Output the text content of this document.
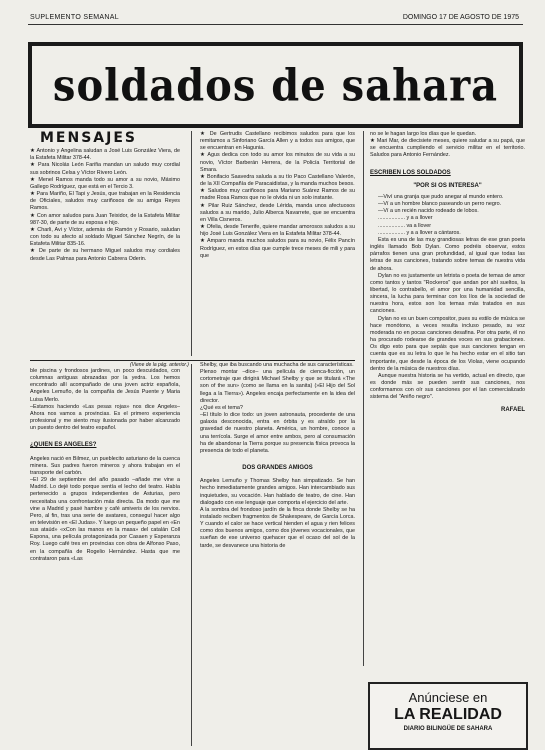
SUPLEMENTO SEMANAL	DOMINGO 17 DE AGOSTO DE 1975
soldados de sahara
MENSAJES

★ Antonio y Angelina saludan a José Luis González Viera, de la Estafeta Militar 378-44.

★ Para Nicolás León Farifia mandan un saludo muy cordial sus sobrinos Celsa y Víctor Rivero León.

★ Menel Ramos manda todo su amor a su novio, Máximo Gallego Rodríguez, que está en el Tercio 3.

★ Para Mariño, El Tapi y Jesús, que trabajan en la Residencia de Oficiales, saludos muy cariñosos de su amiga Reyes Ramos.

★ Con amor saludos para Juan Teixidor, de la Estafeta Militar 987-30, de parte de su esposa e hijo.

★ Charli, Avi y Víctor, además de Ramón y Rosario, saludan con todo su afecto al soldado Miguel Sánchez Negrín, de la Estafeta Militar 835-16.

★ De parte de su hermano Miguel saludos muy cordiales desde Las Palmas para Antonio Cabrera Oderin.

★ De Gertrudis Castellano recibimos saludos para que los remitamos a Sinforiano García Allen y a todos sus amigos, que se encuentran en Hagunia.

★ Agus dedica con todo su amor los minutos de su vida a su novio, Víctor Barberán Herrera, de la Policía Territorial de Smara.

★ Bonifacio Saavedra saluda a su tío Paco Castellano Valerón, de la XII Compañía de Paracaidistas, y la manda muchos besos.

★ Saludos muy cariñosos para Mariano Suárez Ramos de su madre Rosa Ramos que no le olvida ni un solo instante.

★ Pilar Ruiz Sánchez, desde Lérida, manda unos afectuosos saludos a su marido, Julio Alberca Navarrete, que se encuentra en Villa Cisneros.

★ Ofelia, desde Tenerife, quiere mandar amorosos saludos a su hijo José Luis González Viera en la Estafeta Militar 378-44.

★ Amparo manda muchos saludos para su novio, Félix Pancín Rodríguez, en estos días que cumple trece meses de mili y para que

no se le hagan largo los días que le quedan.

★ Mari Mar, de diecisiete meses, quiere saludar a su papá, que se encuentra cumpliendo el servicio militar en el territorio. Saludos para Antonio Fernández.

ESCRIBEN LOS SOLDADOS
"POR SI OS INTERESA"

—Viví una granja que pudo anegar al mundo entero.

—Ví a un hombre blanco paseando un perro negro.

—Ví a un recién nacido rodeado de lobos.

.................. y a a llover

.................. va a llover

.................. y a a llover a cántaros.

Esta es una de las muy grandiosas letras de ese gran poeta inglés llamado Bob Dylan. Como podréis observar, estos párrafos tienen una gran profundidad, al igual que todas las letras de sus canciones, tratando sobre temas de nuestra vida de ahora.

Dylan no es justamente un letrista o poeta de temas de amor como tantos y tantos "Rockeros" que andan por ahí sueltos, la libertad, lo contrabello, el amor por una humanidad sencilla, sincera, la lucha para terminar con los líos de la sociedad de nuestra hora, estos son los temas más tratados en sus canciones.

Dylan no es un buen compositor, pues su estilo de música se hace monótono, a veces resulta incluso pesado, su voz moderada no en pocas canciones desafina. Por otra parte, él no ha procurado rodearse de grandes voces en sus grabaciones. Os digo esto para que sepáis que sus canciones tengan en cuenta que es su letra lo que le ha hecho estar en el sitio tan importante, que desde la época de los Violas, viene ocupando dentro de la música de nuestros días.

Aunque nuestra historia se ha vertido, actual en directo, que es donde más se pueden sentir sus canciones, nos conformamos con oír sus canciones por el lan comercializado sistema del "Aniño negro".

RAFAEL
(Viene de la pág. anterior.)

ble piscina y frondosos jardines, un poco descuidados, con columnas antiguas abrazadas por la yedra. Los hemos encontrado allí acompañado de una joven actriz española, Angeles Lemuño, de la compañía de Jesús Puente y Maria Luisa Merlo.

–Estamos haciendo «Las pesas rojas» nos dice Angeles– Ahora nos vamos a provincias. Es el primero experiencia profesional y me siento muy ilusionada por haber alcanzado un puesto dentro del teatro español.

¿QUIEN ES ANGELES?

Angeles nació en Bilmez, un pueblecito asturiano de la cuenca minera. Sus padres fueron mineros y ahora trabajan en el transporte del carbón.

–El 29 de septiembre del año pasado –añade me vine a Madrid. Lo dejé todo porque sentía el lecho del teatro. Había pertenecido a grupos independientes de Asturias, pero necesitaba una confrontación más directa. Da modo que me vine a Madrid y pasé hambre y café amiveris de los nervios. Pero, al fin, tras una serie de avatares, conseguí hacer algo en televisión en «El Judas». Y luego un pequeño papel en «En sus ataúd» «xCon las manos en la masa» del catalán Coll Espona, una película protagonizada por Casaen y Esperanza Roy. Luego café tres en provincias con obra de Alfonso Paso, en la compañía de Rogelio Hernández. Hasta que me contrataron para «Las

Shelby, que iba buscando una muchacha de sus características.

Plenso montar –dice– una película de cienca-ficción, un cortometraje que dirigirá Michael Shelby y que se titulará «The son of the sun» (como se llama en la sanita) (»El Hijo del Sol llega a la Tierra»). Angeles encaja perfectamente en la idea del director.

¿Qué es el tema?

–El título lo dice todo: un joven astronauta, procedente de una galaxia desconocida, entra en órbita y es atraído por la gravedad de nuestro planeta. América, un hombre, conoce a una terrícola. Surge el amor entre ambos, pero al consumación ha de abandonar la Tierra porque su presencia física provoca la presencia de todo el planeta.

DOS GRANDES AMIGOS

Angeles Lemuño y Thomas Shelby han simpatizado. Se han hecho inmediatamente grandes amigos. Han intercambiado sus inquietudes, su vocación. Han hablado de teatro, de cine. Han dialogado con ese lenguaje que comporta el ejercicio del arte.

A la sombra del frondoso jardín de la finca donde Shelby se ha instalado reciben fragmentos de Shakespeare, de García Lorca. Y cuando el calor se hace vertical hienden el agua y rien felices como dos buenos amigos, como dos jóvenes vocacionales, que sueñan de ese universo quehacer que el ocaso del sol de la tarde, se desvanece una historia de

Anúnciese en
LA REALIDAD
DIARIO BILINGÜE DE SAHARA
